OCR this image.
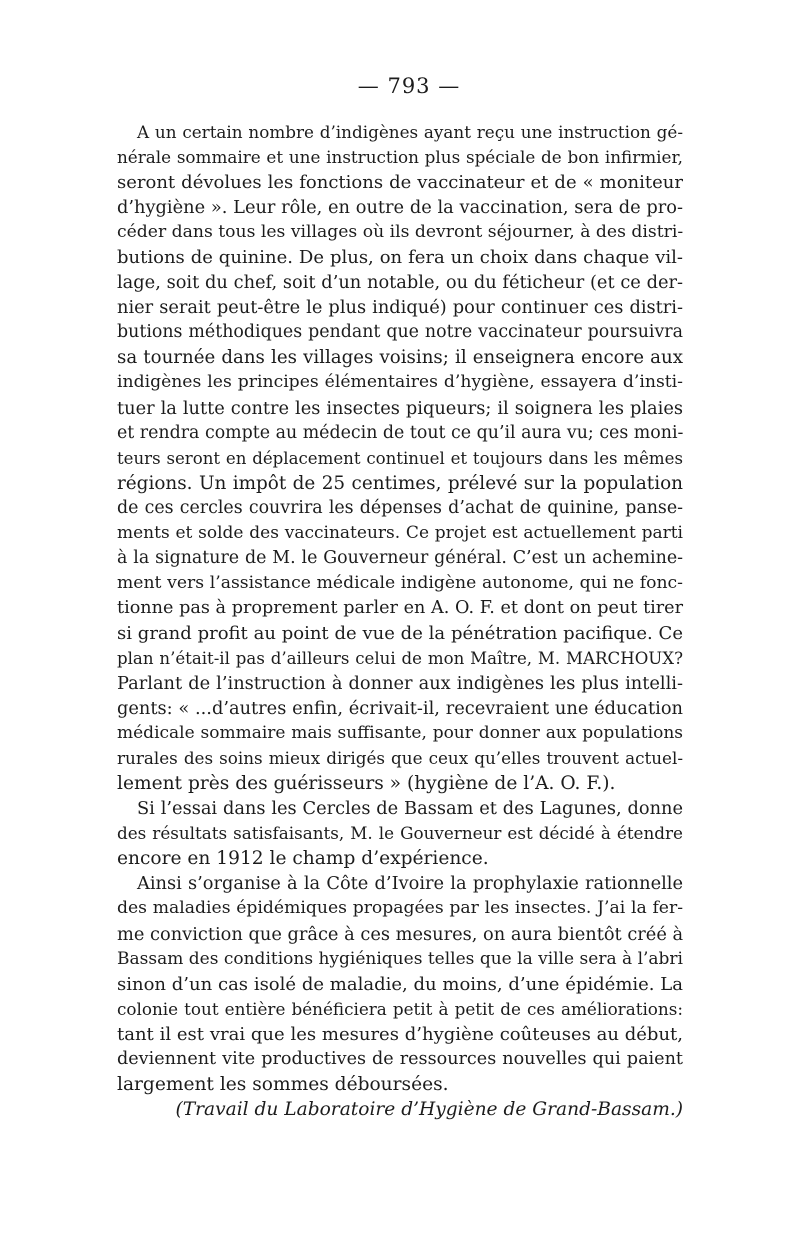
— 793 —
A un certain nombre d’indigènes ayant reçu une instruction gé-
nérale sommaire et une instruction plus spéciale de bon infirmier,
seront dévolues les fonctions de vaccinateur et de « moniteur
d’hygiène ». Leur rôle, en outre de la vaccination, sera de pro-
céder dans tous les villages où ils devront séjourner, à des distri-
butions de quinine. De plus, on fera un choix dans chaque vil-
lage, soit du chef, soit d’un notable, ou du féticheur (et ce der-
nier serait peut-être le plus indiqué) pour continuer ces distri-
butions méthodiques pendant que notre vaccinateur poursuivra
sa tournée dans les villages voisins; il enseignera encore aux
indigènes les principes élémentaires d’hygiène, essayera d’insti-
tuer la lutte contre les insectes piqueurs; il soignera les plaies
et rendra compte au médecin de tout ce qu’il aura vu; ces moni-
teurs seront en déplacement continuel et toujours dans les mêmes
régions. Un impôt de 25 centimes, prélevé sur la population
de ces cercles couvrira les dépenses d’achat de quinine, panse-
ments et solde des vaccinateurs. Ce projet est actuellement parti
à la signature de M. le Gouverneur général. C’est un achemine-
ment vers l’assistance médicale indigène autonome, qui ne fonc-
tionne pas à proprement parler en A. O. F. et dont on peut tirer
si grand profit au point de vue de la pénétration pacifique. Ce
plan n’était-il pas d’ailleurs celui de mon Maître, M. MARCHOUX?
Parlant de l’instruction à donner aux indigènes les plus intelli-
gents: « ...d’autres enfin, écrivait-il, recevraient une éducation
médicale sommaire mais suffisante, pour donner aux populations
rurales des soins mieux dirigés que ceux qu’elles trouvent actuel-
lement près des guérisseurs » (hygiène de l’A. O. F.).
Si l’essai dans les Cercles de Bassam et des Lagunes, donne
des résultats satisfaisants, M. le Gouverneur est décidé à étendre
encore en 1912 le champ d’expérience.
Ainsi s’organise à la Côte d’Ivoire la prophylaxie rationnelle
des maladies épidémiques propagées par les insectes. J’ai la fer-
me conviction que grâce à ces mesures, on aura bientôt créé à
Bassam des conditions hygiéniques telles que la ville sera à l’abri
sinon d’un cas isolé de maladie, du moins, d’une épidémie. La
colonie tout entière bénéficiera petit à petit de ces améliorations:
tant il est vrai que les mesures d’hygiène coûteuses au début,
deviennent vite productives de ressources nouvelles qui paient
largement les sommes déboursées.
(Travail du Laboratoire d’Hygiène de Grand-Bassam.)
